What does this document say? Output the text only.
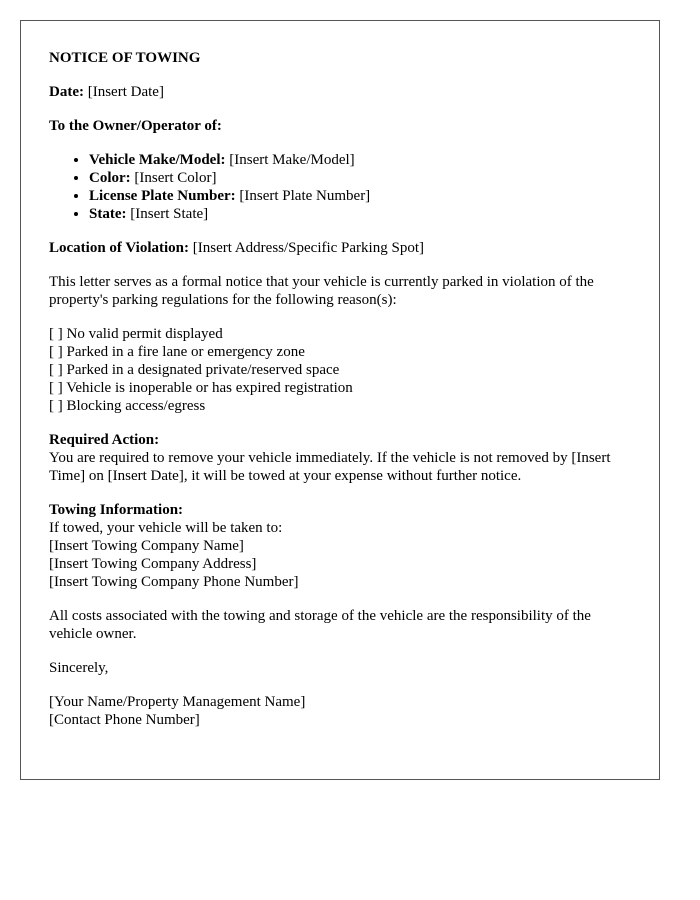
NOTICE OF TOWING
Date: [Insert Date]
To the Owner/Operator of:
• Vehicle Make/Model: [Insert Make/Model]
• Color: [Insert Color]
• License Plate Number: [Insert Plate Number]
• State: [Insert State]
Location of Violation: [Insert Address/Specific Parking Spot]
This letter serves as a formal notice that your vehicle is currently parked in violation of the property's parking regulations for the following reason(s):
[ ] No valid permit displayed
[ ] Parked in a fire lane or emergency zone
[ ] Parked in a designated private/reserved space
[ ] Vehicle is inoperable or has expired registration
[ ] Blocking access/egress
Required Action:
You are required to remove your vehicle immediately. If the vehicle is not removed by [Insert Time] on [Insert Date], it will be towed at your expense without further notice.
Towing Information:
If towed, your vehicle will be taken to:
[Insert Towing Company Name]
[Insert Towing Company Address]
[Insert Towing Company Phone Number]
All costs associated with the towing and storage of the vehicle are the responsibility of the vehicle owner.
Sincerely,
[Your Name/Property Management Name]
[Contact Phone Number]
